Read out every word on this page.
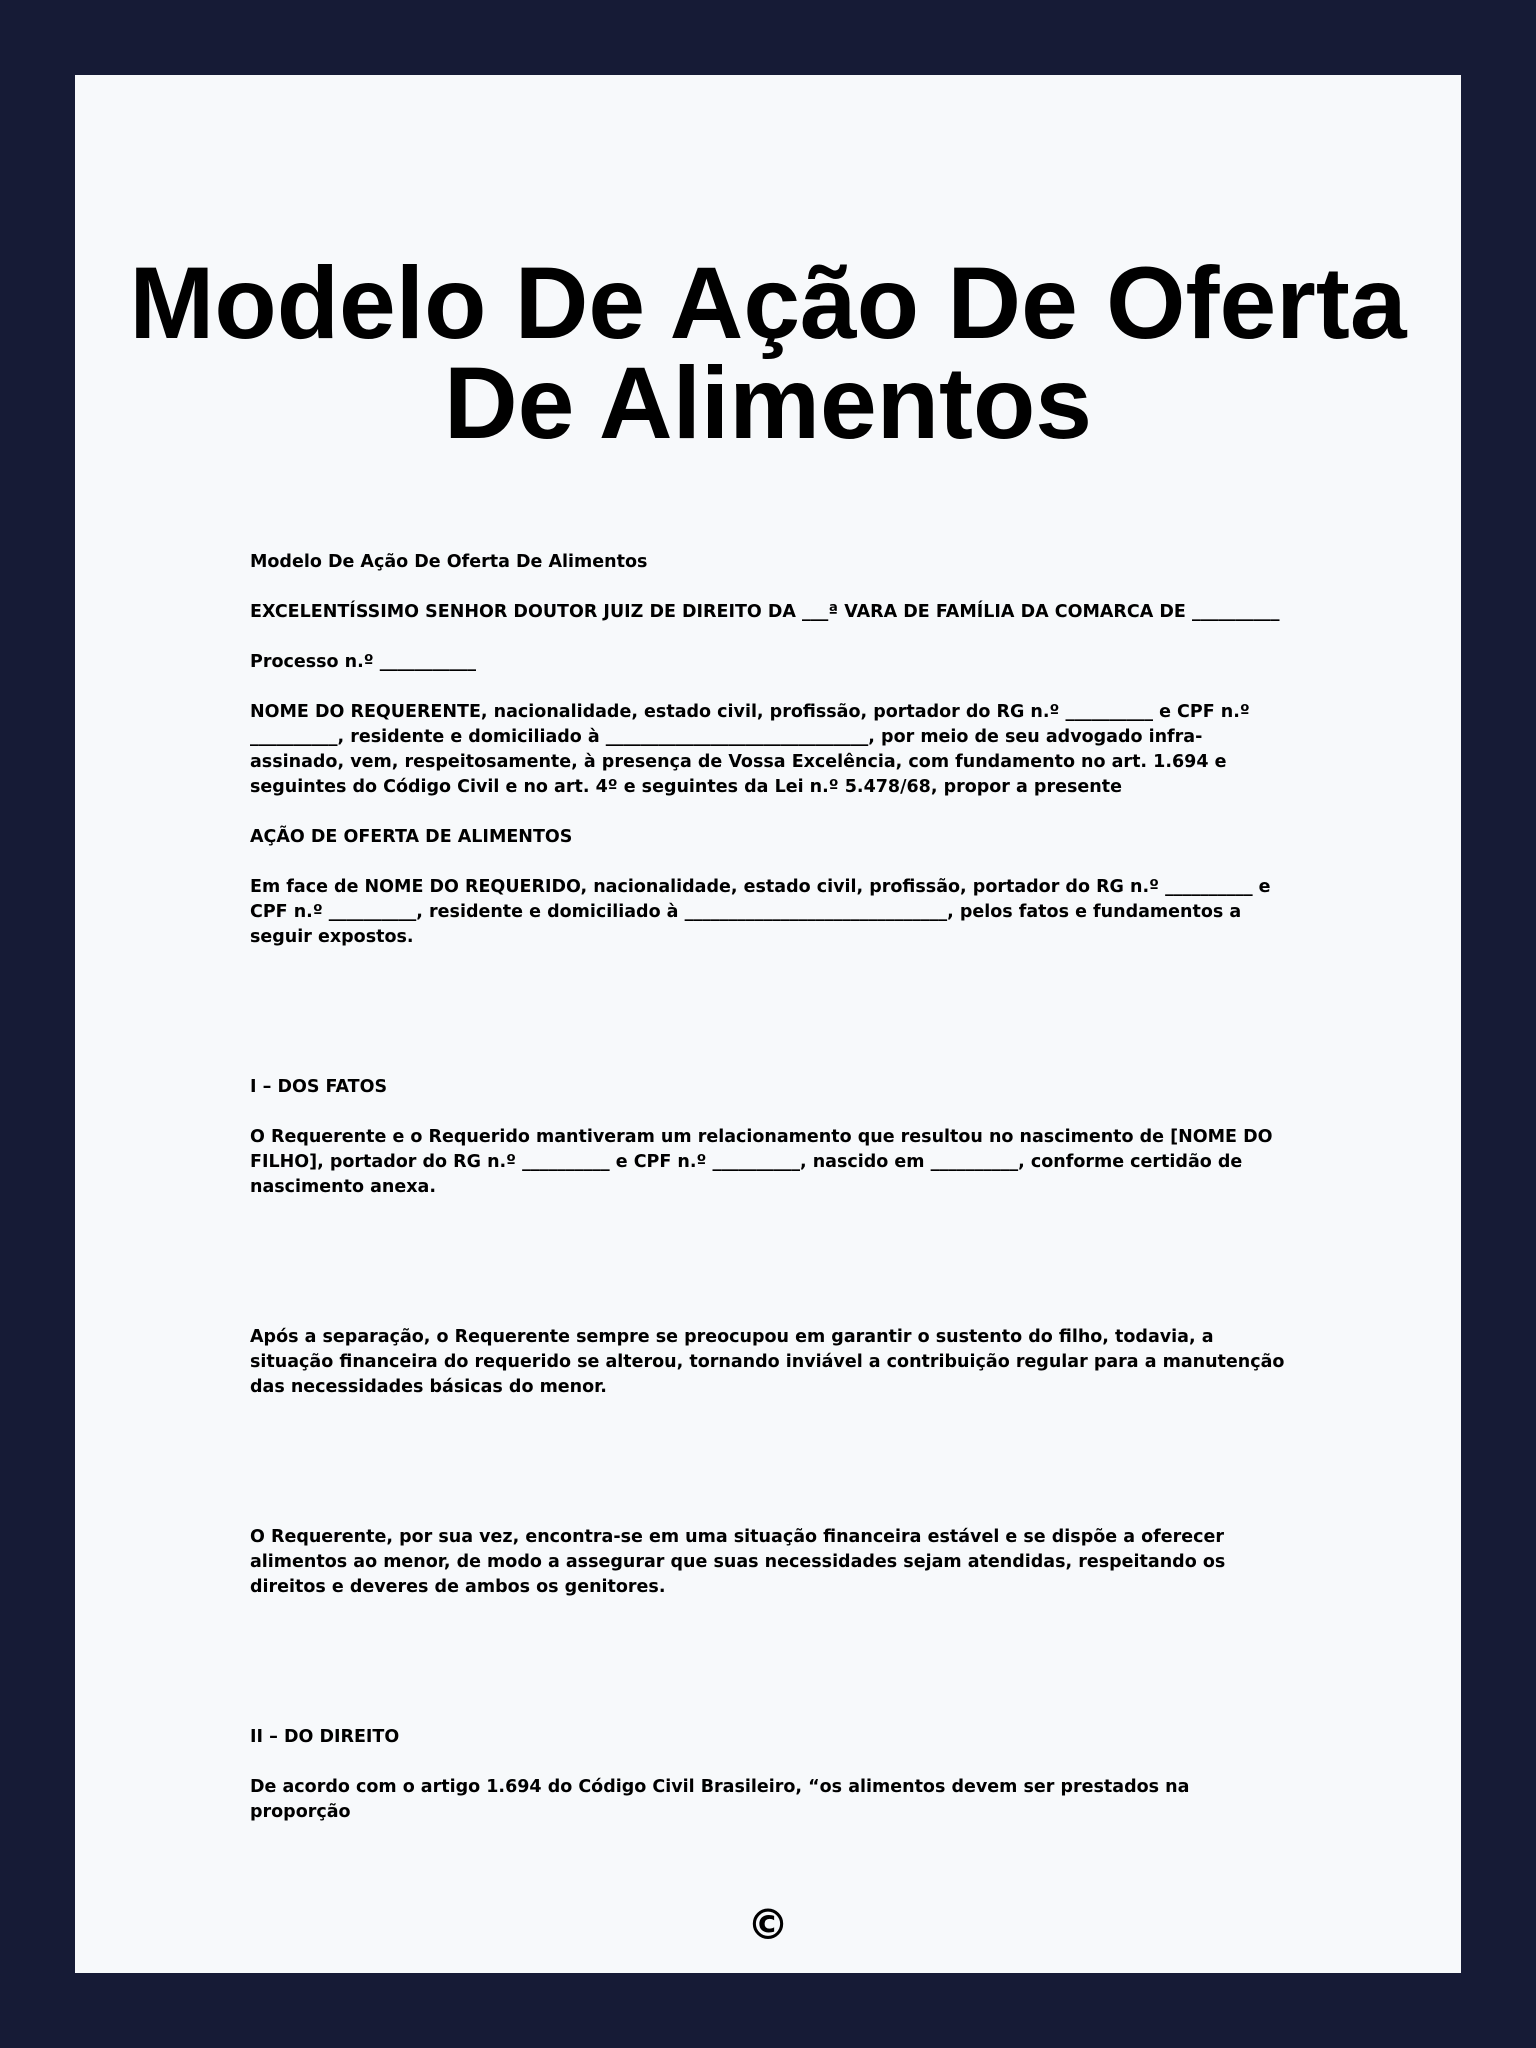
Modelo De Ação De Oferta De Alimentos

Modelo De Ação De Oferta De Alimentos

EXCELENTÍSSIMO SENHOR DOUTOR JUIZ DE DIREITO DA ___ª VARA DE FAMÍLIA DA COMARCA DE __________

Processo n.º ___________

NOME DO REQUERENTE, nacionalidade, estado civil, profissão, portador do RG n.º __________ e CPF n.º __________, residente e domiciliado à ______________________________, por meio de seu advogado infra-assinado, vem, respeitosamente, à presença de Vossa Excelência, com fundamento no art. 1.694 e seguintes do Código Civil e no art. 4º e seguintes da Lei n.º 5.478/68, propor a presente

AÇÃO DE OFERTA DE ALIMENTOS

Em face de NOME DO REQUERIDO, nacionalidade, estado civil, profissão, portador do RG n.º __________ e CPF n.º __________, residente e domiciliado à ______________________________, pelos fatos e fundamentos a seguir expostos.

I – DOS FATOS

O Requerente e o Requerido mantiveram um relacionamento que resultou no nascimento de [NOME DO FILHO], portador do RG n.º __________ e CPF n.º __________, nascido em __________, conforme certidão de nascimento anexa.

Após a separação, o Requerente sempre se preocupou em garantir o sustento do filho, todavia, a situação financeira do requerido se alterou, tornando inviável a contribuição regular para a manutenção das necessidades básicas do menor.

O Requerente, por sua vez, encontra-se em uma situação financeira estável e se dispõe a oferecer alimentos ao menor, de modo a assegurar que suas necessidades sejam atendidas, respeitando os direitos e deveres de ambos os genitores.

II – DO DIREITO

De acordo com o artigo 1.694 do Código Civil Brasileiro, “os alimentos devem ser prestados na proporção

©
